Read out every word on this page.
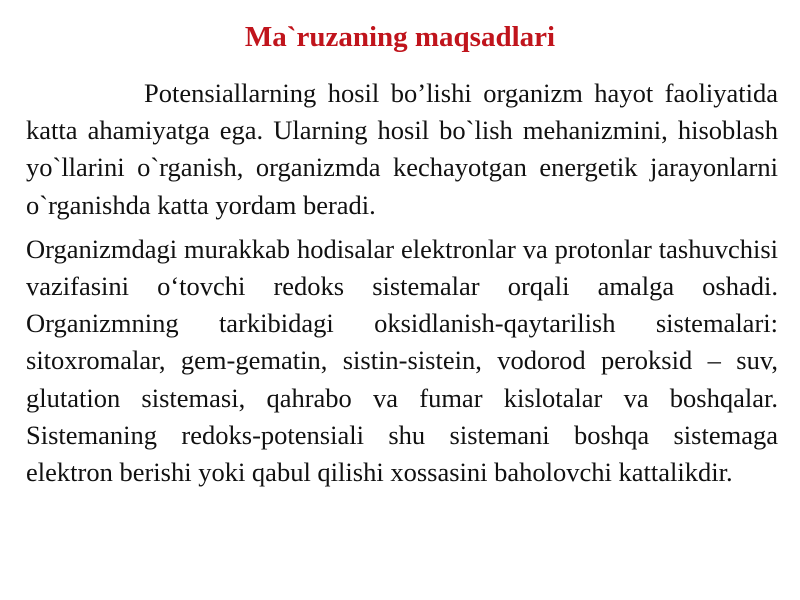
Ma`ruzaning maqsadlari

Potensiallarning hosil bo’lishi organizm hayot faoliyatida katta ahamiyatga ega. Ularning hosil bo`lish mehanizmini, hisoblash yo`llarini o`rganish, organizmda kechayotgan energetik jarayonlarni o`rganishda katta yordam beradi.

Organizmdagi murakkab hodisalar elektronlar va protonlar tashuvchisi vazifasini o‘tovchi redoks sistemalar orqali amalga oshadi. Organizmning tarkibidagi oksidlanish-qaytarilish sistemalari: sitoxromalar, gem-gematin, sistin-sistein, vodorod peroksid – suv, glutation sistemasi, qahrabo va fumar kislotalar va boshqalar. Sistemaning redoks-potensiali shu sistemani boshqa sistemaga elektron berishi yoki qabul qilishi xossasini baholovchi kattalikdir.
